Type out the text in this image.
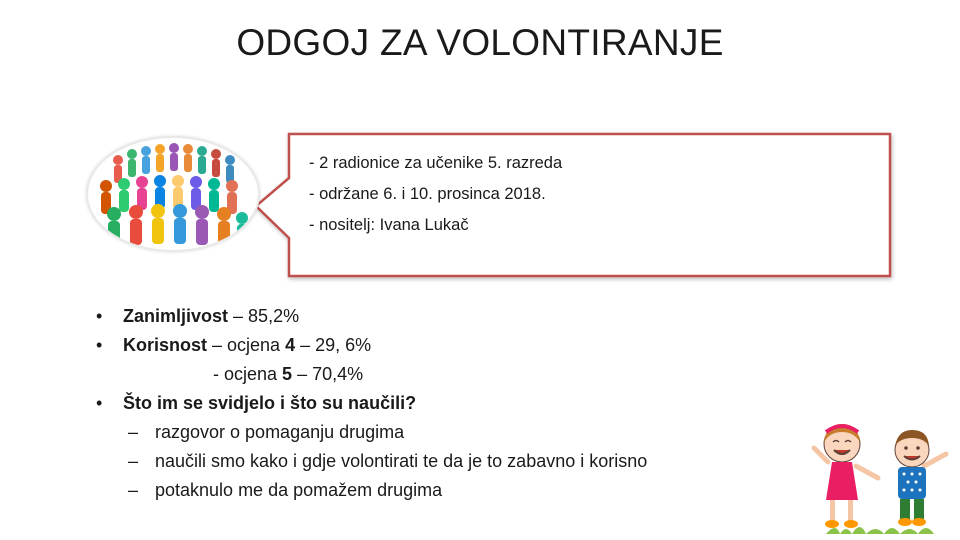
ODGOJ ZA VOLONTIRANJE
- 2 radionice za učenike 5. razreda
- održane 6. i 10. prosinca 2018.
- nositelj: Ivana Lukač
• Zanimljivost – 85,2%
• Korisnost – ocjena 4 – 29, 6%
- ocjena 5 – 70,4%
• Što im se svidjelo i što su naučili?
– razgovor o pomaganju drugima
– naučili smo kako i gdje volontirati te da je to zabavno i korisno
– potaknulo me da pomažem drugima
